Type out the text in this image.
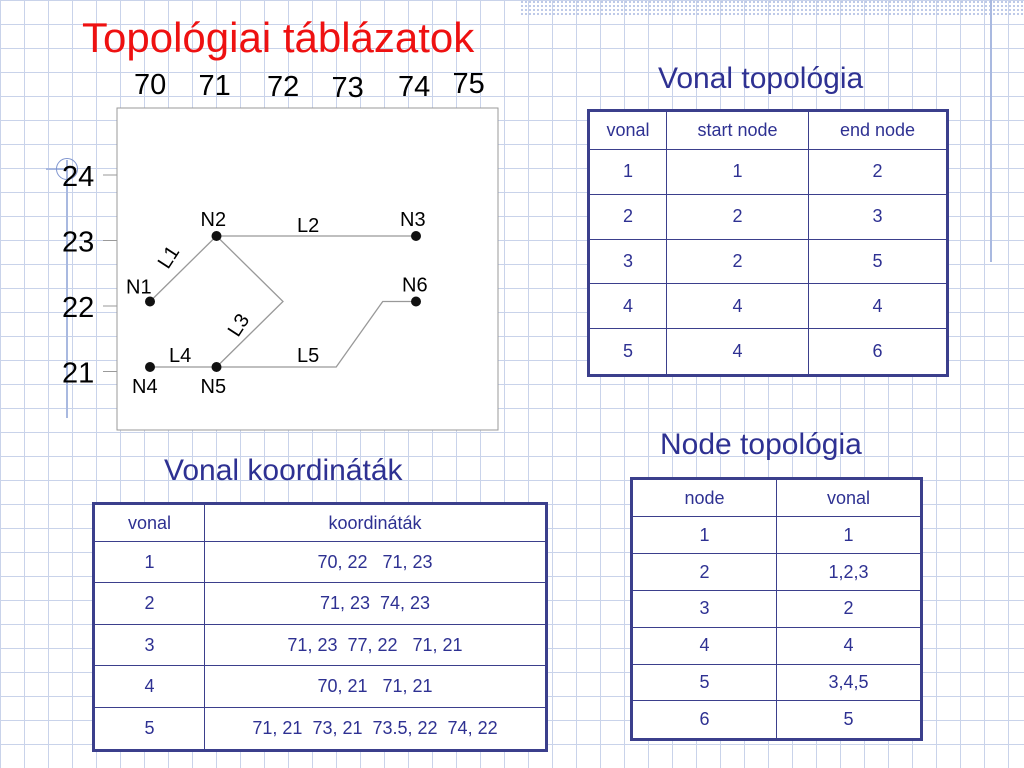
Topológiai táblázatok
70 71 72 73 74 75
24
23
22
21
L1
L2
L3
L4	L5
N1
N2	N3
N4 N5
N6
Vonal topológia
vonal	start node	end node
1	1	2
2	2	3
3	2	5
4	4	4
5	4	6
Node topológia
node	vonal
1	1
2	1,2,3
3	2
4	4
5	3,4,5
6	5
Vonal koordináták
vonal	koordináták
1	70, 22   71, 23
2	71, 23  74, 23
3	71, 23  77, 22   71, 21
4	70, 21   71, 21
5	71, 21  73, 21  73.5, 22  74, 22
